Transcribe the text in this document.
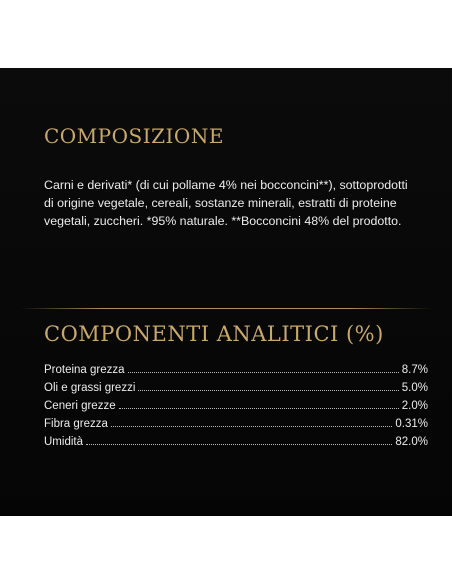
COMPOSIZIONE
Carni e derivati* (di cui pollame 4% nei bocconcini**), sottoprodotti di origine vegetale, cereali, sostanze minerali, estratti di proteine vegetali, zuccheri. *95% naturale. **Bocconcini 48% del prodotto.
COMPONENTI ANALITICI (%)
Proteina grezza	8.7%
Oli e grassi grezzi	5.0%
Ceneri grezze	2.0%
Fibra grezza	0.31%
Umidità	82.0%
